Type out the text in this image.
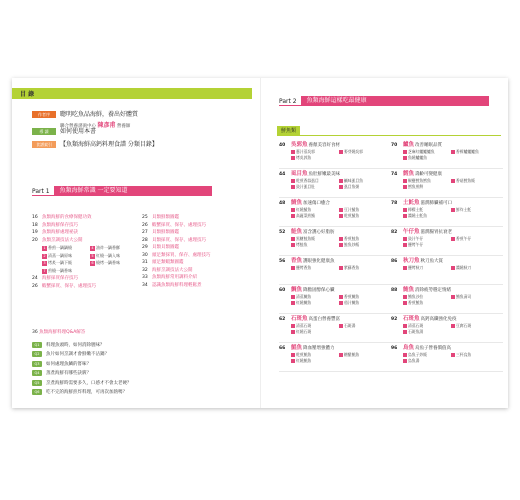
目 錄
作者序	聰明吃魚品海鮮，養出好體質
聯合營養諮詢中心 陳彥甫 營養師
導 讀	如何使用本書
食譜索引	【魚類海鮮高鈣料理食譜 分類目錄】
Part 1	魚類海鮮常識 一定要知道
16 魚類海鮮的食療保健功效
18 魚類海鮮保存技巧
19 魚類海鮮處理祕訣
20 魚類烹調技法大公開
1 香煎一鍋鍋燒	4 油炸一鍋香酥
2 清蒸一鍋原味	5 紅燒一鍋入味
3 烤炙一鍋下飯	6 燒烤一鍋香味
7 煎燒一鍋香味
24 海鮮採買保存技巧
26 蝦蟹採買、保存、處理技巧
25 貝類鮮類圖鑑
26 蝦蟹採買、保存、處理技巧
27 貝類鮮類圖鑑
28 貝類採買、保存、處理技巧
29 貝類貝類圖鑑
30 頭足類採買、保存、處理技巧
31 頭足類蝦類圖鑑
32 海鮮烹調技法大公開
33 魚類海鮮常用調料介紹
34 認識魚類海鮮料理輕鬆煮
36 魚類海鮮料理Q&A解答
Q1	料理魚頭時，如何消除腥味？
Q2	魚片如何烹調才會鮮嫩不沾鍋？
Q3	如何處理魚鱗的嘗味？
Q4	蒸煮海鮮有哪些訣竅？
Q5	烹煮海鮮時需要多久，口感才不會太老硬？
Q6	吃不完的海鮮煎炸料理，可再次加熱嗎？
Part 2	魚類海鮮這樣吃最健康
鮮魚類
40 吳郭魚養顏美容好食材
蔥汁蒸吳郭	麥芽燒吳郭
烤吳郭魚
70 鱸魚改善睡眠品質
芝麻紅鱸鱸鱸魚	香檸鱸鱸鱸魚
魚燒鱸鱸魚
44 虱目魚魚肚鮮嫩最美味
乾煎香蒜虱目	鹹味虱目魚
豉汁虱目肚	虱目魚粥
74 鱈魚壽齡可變健康
椒鹽鱈魚鱈魚	香菇鱈魚飯
鱈魚煎餅
48 鯖魚加速傷口癒合
紅燒鯖魚	豆汁鯖魚
高麗菜煎鯖	乾煎鯖魚
78 土魠魚滋潤肺臟補可口
檸檬土魠	鮮炸土魠
醬燒土魠魚
52 鮭魚富含護心好脂肪
黑糖鮭魚飯	香煎鮭魚
烤鮭魚	鮭魚炒飯
82 午仔魚滋潤腸胃抗衰老
豉汁午仔	香煎午仔
鹽烤午仔
56 香魚護眼強化健康魚
鹽烤香魚	紫蘇香魚
86 秋刀魚秋刀魚大賞
鹽烤秋刀	醬燒秋刀
60 鯛魚降膽固醇保心臟
清蒸鯛魚	香煎鯛魚
紅燒鯛魚	茄汁鯛魚
88 鮪魚消除疲勞穩定情緒
鮪魚沙拉	鮪魚壽司
香煎鮪魚
62 石斑魚高蛋白營養豐富
清蒸石斑	石斑湯
紅燒石斑
92 石斑魚高鈣高纖強化免疫
清蒸石斑	豆腐石斑
石斑魚湯
66 鯧魚降血壓增強體力
乾煎鯧魚	糖醋鯧魚
紅燒鯧魚
96 烏魚烏魚子營養價值高
烏魚子炒飯	三杯烏魚
烏魚湯
